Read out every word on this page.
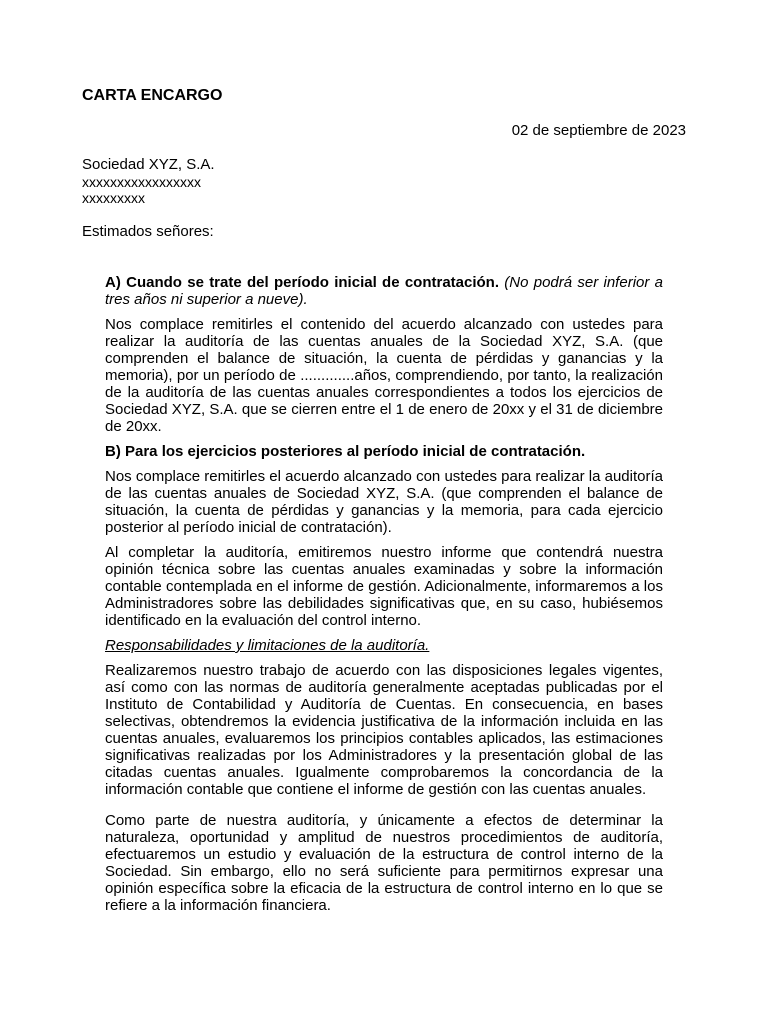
CARTA ENCARGO

02 de septiembre de 2023

Sociedad XYZ, S.A.
xxxxxxxxxxxxxxxxx
xxxxxxxxx

Estimados señores:

A) Cuando se trate del período inicial de contratación. (No podrá ser inferior a tres años ni superior a nueve).

Nos complace remitirles el contenido del acuerdo alcanzado con ustedes para realizar la auditoría de las cuentas anuales de la Sociedad XYZ, S.A. (que comprenden el balance de situación, la cuenta de pérdidas y ganancias y la memoria), por un período de .............años, comprendiendo, por tanto, la realización de la auditoría de las cuentas anuales correspondientes a todos los ejercicios de Sociedad XYZ, S.A. que se cierren entre el 1 de enero de 20xx y el 31 de diciembre de 20xx.

B) Para los ejercicios posteriores al período inicial de contratación.

Nos complace remitirles el acuerdo alcanzado con ustedes para realizar la auditoría de las cuentas anuales de Sociedad XYZ, S.A. (que comprenden el balance de situación, la cuenta de pérdidas y ganancias y la memoria, para cada ejercicio posterior al período inicial de contratación).

Al completar la auditoría, emitiremos nuestro informe que contendrá nuestra opinión técnica sobre las cuentas anuales examinadas y sobre la información contable contemplada en el informe de gestión. Adicionalmente, informaremos a los Administradores sobre las debilidades significativas que, en su caso, hubiésemos identificado en la evaluación del control interno.

Responsabilidades y limitaciones de la auditoría.

Realizaremos nuestro trabajo de acuerdo con las disposiciones legales vigentes, así como con las normas de auditoría generalmente aceptadas publicadas por el Instituto de Contabilidad y Auditoría de Cuentas. En consecuencia, en bases selectivas, obtendremos la evidencia justificativa de la información incluida en las cuentas anuales, evaluaremos los principios contables aplicados, las estimaciones significativas realizadas por los Administradores y la presentación global de las citadas cuentas anuales. Igualmente comprobaremos la concordancia de la información contable que contiene el informe de gestión con las cuentas anuales.

Como parte de nuestra auditoría, y únicamente a efectos de determinar la naturaleza, oportunidad y amplitud de nuestros procedimientos de auditoría, efectuaremos un estudio y evaluación de la estructura de control interno de la Sociedad. Sin embargo, ello no será suficiente para permitirnos expresar una opinión específica sobre la eficacia de la estructura de control interno en lo que se refiere a la información financiera.
